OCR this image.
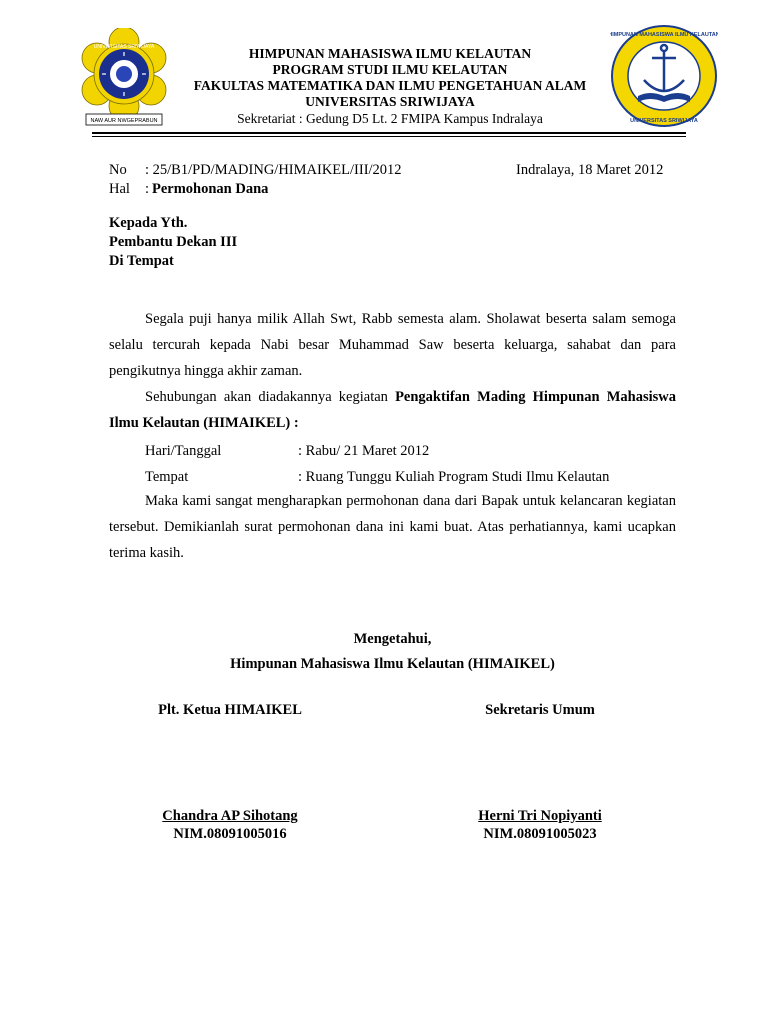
NAW AUR NWGEPRABUN
UNIVERSITAS SRIWIJAYA
HIMPUNAN MAHASISWA ILMU KELAUTAN
UNIVERSITAS SRIWIJAYA
HIMPUNAN MAHASISWA ILMU KELAUTAN
PROGRAM STUDI ILMU KELAUTAN
FAKULTAS MATEMATIKA DAN ILMU PENGETAHUAN ALAM
UNIVERSITAS SRIWIJAYA
Sekretariat : Gedung D5 Lt. 2 FMIPA Kampus Indralaya
No : 25/B1/PD/MADING/HIMAIKEL/III/2012	Indralaya, 18 Maret 2012
Hal : Permohonan Dana
Kepada Yth.
Pembantu Dekan III
Di Tempat
Segala puji hanya milik Allah Swt, Rabb semesta alam. Sholawat beserta salam semoga selalu tercurah kepada Nabi besar Muhammad Saw beserta keluarga, sahabat dan para pengikutnya hingga akhir zaman.
Sehubungan akan diadakannya kegiatan Pengaktifan Mading Himpunan Mahasiswa Ilmu Kelautan (HIMAIKEL) :
Hari/Tanggal	: Rabu/ 21 Maret 2012
Tempat	: Ruang Tunggu Kuliah Program Studi Ilmu Kelautan
Maka kami sangat mengharapkan permohonan dana dari Bapak untuk kelancaran kegiatan tersebut. Demikianlah surat permohonan dana ini kami buat. Atas perhatiannya, kami ucapkan terima kasih.
Mengetahui,
Himpunan Mahasiswa Ilmu Kelautan (HIMAIKEL)
Plt. Ketua HIMAIKEL	Sekretaris Umum
Chandra AP Sihotang
NIM.08091005016
Herni Tri Nopiyanti
NIM.08091005023
